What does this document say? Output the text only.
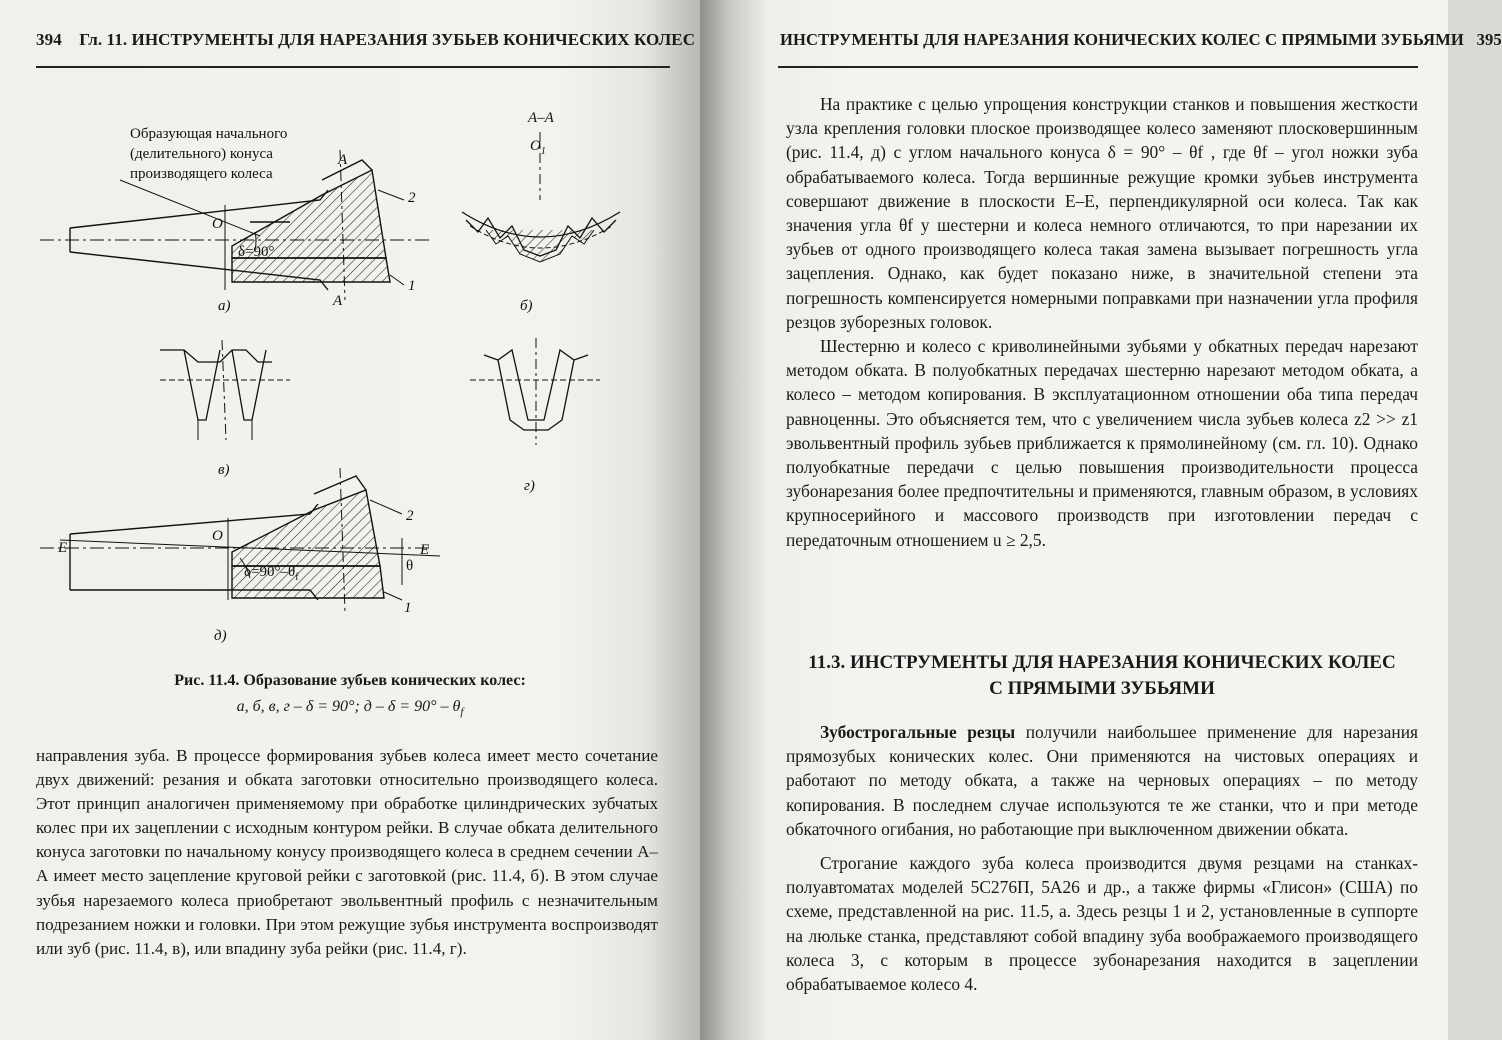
394 Гл. 11. ИНСТРУМЕНТЫ ДЛЯ НАРЕЗАНИЯ ЗУБЬЕВ КОНИЧЕСКИХ КОЛЕС
Образующая начального
(делительного) конуса
производящего колеса
А
А
О
δ=90°
2
1
а)
А–А
$О_1$
б)
в)
г)
E	E
О
$\delta=90^\circ-\theta_f$
θ
2
1
д)
Рис. 11.4. Образование зубьев конических колес:
а, б, в, г – δ = 90°; $д - \delta = 90^\circ - \theta_f$

направления зуба. В процессе формирования зубьев колеса имеет место сочетание двух движений: резания и обката заготовки относительно производящего колеса. Этот принцип аналогичен применяемому при обработке цилиндрических зубчатых колес при их зацеплении с исходным контуром рейки. В случае обката делительного конуса заготовки по начальному конусу производящего колеса в среднем сечении А–А имеет место зацепление круговой рейки с заготовкой (рис. 11.4, б). В этом случае зубья нарезаемого колеса приобретают эвольвентный профиль с незначительным подрезанием ножки и головки. При этом режущие зубья инструмента воспроизводят или зуб (рис. 11.4, в), или впадину зуба рейки (рис. 11.4, г).

ИНСТРУМЕНТЫ ДЛЯ НАРЕЗАНИЯ КОНИЧЕСКИХ КОЛЕС С ПРЯМЫМИ ЗУБЬЯМИ 395

На практике с целью упрощения конструкции станков и повышения жесткости узла крепления головки плоское производящее колесо заменяют плосковершинным (рис. 11.4, д) с углом начального конуса δ = 90° – θf , где θf – угол ножки зуба обрабатываемого колеса. Тогда вершинные режущие кромки зубьев инструмента совершают движение в плоскости Е–Е, перпендикулярной оси колеса. Так как значения угла θf у шестерни и колеса немного отличаются, то при нарезании их зубьев от одного производящего колеса такая замена вызывает погрешность угла зацепления. Однако, как будет показано ниже, в значительной степени эта погрешность компенсируется номерными поправками при назначении угла профиля резцов зуборезных головок.

Шестерню и колесо с криволинейными зубьями у обкатных передач нарезают методом обката. В полуобкатных передачах шестерню нарезают методом обката, а колесо – методом копирования. В эксплуатационном отношении оба типа передач равноценны. Это объясняется тем, что с увеличением числа зубьев колеса z2 >> z1 эвольвентный профиль зубьев приближается к прямолинейному (см. гл. 10). Однако полуобкатные передачи с целью повышения производительности процесса зубонарезания более предпочтительны и применяются, главным образом, в условиях крупносерийного и массового производств при изготовлении передач с передаточным отношением u ≥ 2,5.

11.3. ИНСТРУМЕНТЫ ДЛЯ НАРЕЗАНИЯ КОНИЧЕСКИХ КОЛЕС
С ПРЯМЫМИ ЗУБЬЯМИ

Зубострогальные резцы получили наибольшее применение для нарезания прямозубых конических колес. Они применяются на чистовых операциях и работают по методу обката, а также на черновых операциях – по методу копирования. В последнем случае используются те же станки, что и при методе обкаточного огибания, но работающие при выключенном движении обката.

Строгание каждого зуба колеса производится двумя резцами на станках-полуавтоматах моделей 5С276П, 5А26 и др., а также фирмы «Глисон» (США) по схеме, представленной на рис. 11.5, а. Здесь резцы 1 и 2, установленные в суппорте на люльке станка, представляют собой впадину зуба воображаемого производящего колеса 3, с которым в процессе зубонарезания находится в зацеплении обрабатываемое колесо 4.
